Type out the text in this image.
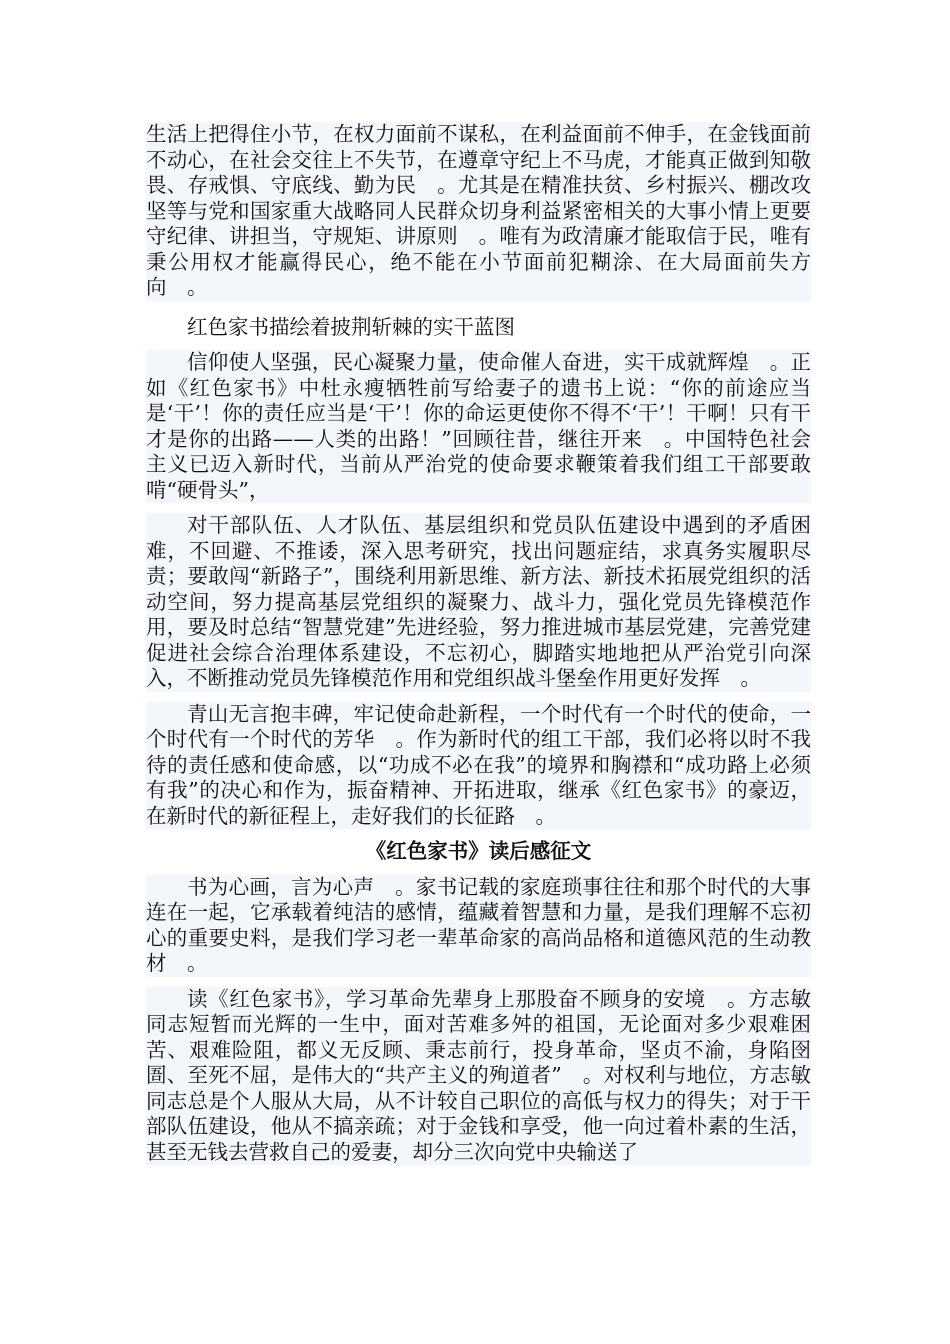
生活上把得住小节，在权力面前不谋私，在利益面前不伸手，在金钱面前不动心，在社会交往上不失节，在遵章守纪上不马虎，才能真正做到知敬畏、存戒惧、守底线、勤为民　。尤其是在精准扶贫、乡村振兴、棚改攻坚等与党和国家重大战略同人民群众切身利益紧密相关的大事小情上更要守纪律、讲担当，守规矩、讲原则　。唯有为政清廉才能取信于民，唯有秉公用权才能赢得民心，绝不能在小节面前犯糊涂、在大局面前失方向　。

红色家书描绘着披荆斩棘的实干蓝图

信仰使人坚强，民心凝聚力量，使命催人奋进，实干成就辉煌　。正如《红色家书》中杜永瘦牺牲前写给妻子的遗书上说：“你的前途应当是‘干’！你的责任应当是‘干’！你的命运更使你不得不‘干’！干啊！只有干才是你的出路——人类的出路！”回顾往昔，继往开来　。中国特色社会主义已迈入新时代，当前从严治党的使命要求鞭策着我们组工干部要敢啃“硬骨头”，

对干部队伍、人才队伍、基层组织和党员队伍建设中遇到的矛盾困难，不回避、不推诿，深入思考研究，找出问题症结，求真务实履职尽责；要敢闯“新路子”，围绕利用新思维、新方法、新技术拓展党组织的活动空间，努力提高基层党组织的凝聚力、战斗力，强化党员先锋模范作用，要及时总结“智慧党建”先进经验，努力推进城市基层党建，完善党建促进社会综合治理体系建设，不忘初心，脚踏实地地把从严治党引向深入，不断推动党员先锋模范作用和党组织战斗堡垒作用更好发挥　。

青山无言抱丰碑，牢记使命赴新程，一个时代有一个时代的使命，一个时代有一个时代的芳华　。作为新时代的组工干部，我们必将以时不我待的责任感和使命感，以“功成不必在我”的境界和胸襟和“成功路上必须有我”的决心和作为，振奋精神、开拓进取，继承《红色家书》的豪迈，在新时代的新征程上，走好我们的长征路　。

《红色家书》读后感征文

书为心画，言为心声　。家书记载的家庭琐事往往和那个时代的大事连在一起，它承载着纯洁的感情，蕴藏着智慧和力量，是我们理解不忘初心的重要史料，是我们学习老一辈革命家的高尚品格和道德风范的生动教材　。

读《红色家书》，学习革命先辈身上那股奋不顾身的安境　。方志敏同志短暂而光辉的一生中，面对苦难多舛的祖国，无论面对多少艰难困苦、艰难险阻，都义无反顾、秉志前行，投身革命，坚贞不渝，身陷囹圄、至死不屈，是伟大的“共产主义的殉道者”　。对权利与地位，方志敏同志总是个人服从大局，从不计较自己职位的高低与权力的得失；对于干部队伍建设，他从不搞亲疏；对于金钱和享受，他一向过着朴素的生活，甚至无钱去营救自己的爱妻，却分三次向党中央输送了
